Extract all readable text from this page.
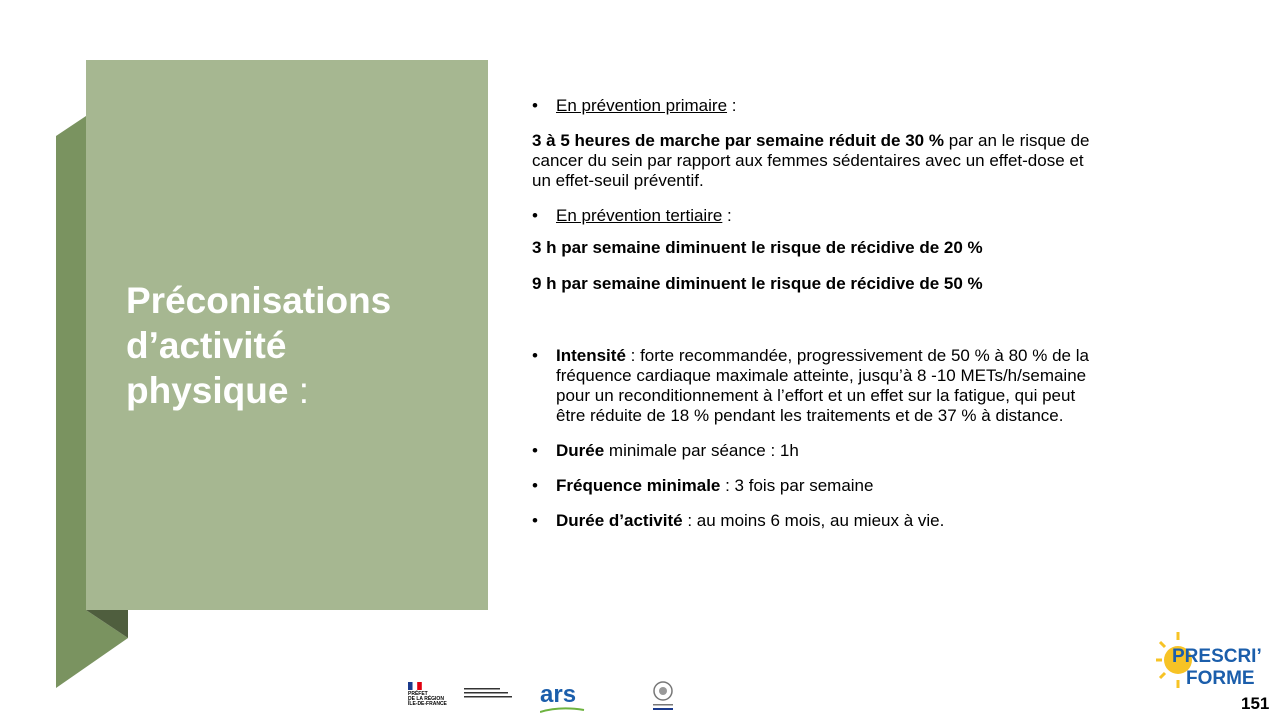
Préconisations
d’activité
physique :

• En prévention primaire :

3 à 5 heures de marche par semaine réduit de 30 % par an le risque de
cancer du sein par rapport aux femmes sédentaires avec un effet-dose et
un effet-seuil préventif.

• En prévention tertiaire :

3 h par semaine diminuent le risque de récidive de 20 %

9 h par semaine diminuent le risque de récidive de 50 %

• Intensité : forte recommandée, progressivement de 50 % à 80 % de la
fréquence cardiaque maximale atteinte, jusqu’à 8 -10 METs/h/semaine
pour un reconditionnement à l’effort et un effet sur la fatigue, qui peut
être réduite de 18 % pendant les traitements et de 37 % à distance.

• Durée minimale par séance : 1h

• Fréquence minimale : 3 fois par semaine

• Durée d’activité : au moins 6 mois, au mieux à vie.

PRÉFET
DE LA RÉGION
ÎLE-DE-FRANCE	ars
PRESCRI’
FORME
151
